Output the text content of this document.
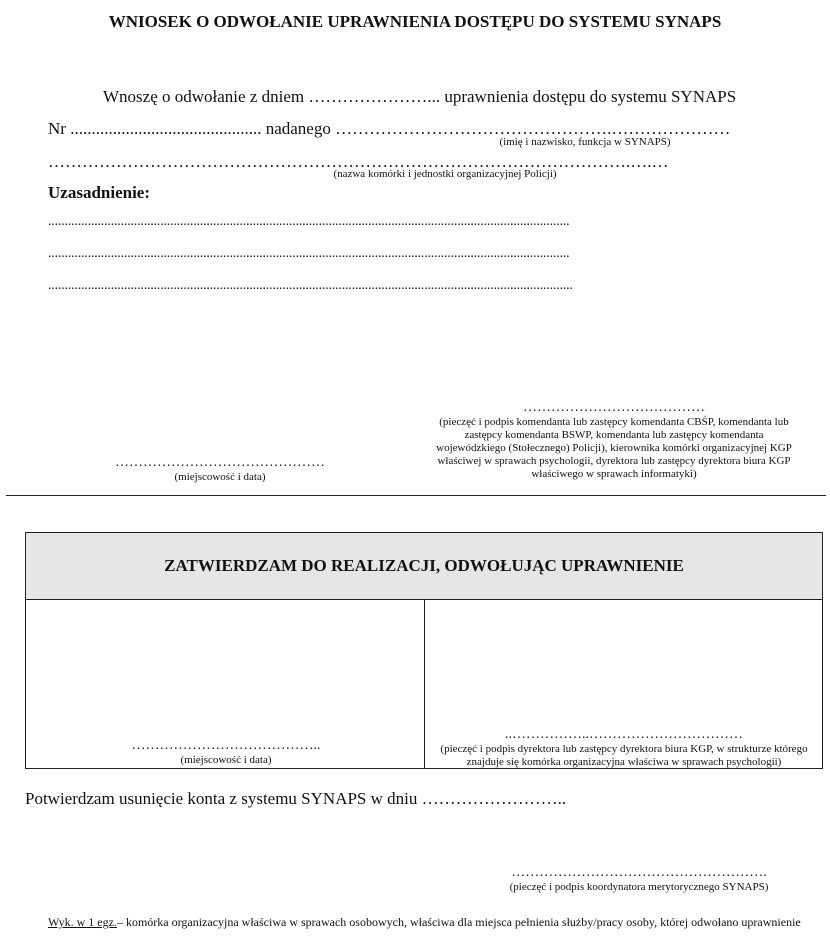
WNIOSEK O ODWOŁANIE UPRAWNIENIA DOSTĘPU DO SYSTEMU SYNAPS
Wnoszę o odwołanie z dniem …………………... uprawnienia dostępu do systemu SYNAPS
Nr ............................................. nadanego ………………………………………….…………………
(imię i nazwisko, funkcja w SYNAPS)
………………………………………………………………………………………….….…
(nazwa komórki i jednostki organizacyjnej Policji)
Uzasadnienie:
..............................................................................................................................................................
..............................................................................................................................................................
...............................................................................................................................................................
…………………………………
(pieczęć i podpis komendanta lub zastępcy komendanta CBŚP, komendanta lub zastępcy komendanta BSWP, komendanta lub zastępcy komendanta wojewódzkiego (Stołecznego) Policji), kierownika komórki organizacyjnej KGP właściwej w sprawach psychologii, dyrektora lub zastępcy dyrektora biura KGP właściwego w sprawach informatyki)
………………………………………
(miejscowość i data)
ZATWIERDZAM DO REALIZACJI, ODWOŁUJĄC UPRAWNIENIE
…………………………………..
(miejscowość i data)
..……………..……………………………
(pieczęć i podpis dyrektora lub zastępcy dyrektora biura KGP, w strukturze którego znajduje się komórka organizacyjna właściwa w sprawach psychologii)
Potwierdzam usunięcie konta z systemu SYNAPS w dniu ……………………..
……………………………………………….
(pieczęć i podpis koordynatora merytorycznego SYNAPS)
Wyk. w 1 egz.– komórka organizacyjna właściwa w sprawach osobowych, właściwa dla miejsca pełnienia służby/pracy osoby, której odwołano uprawnienie
